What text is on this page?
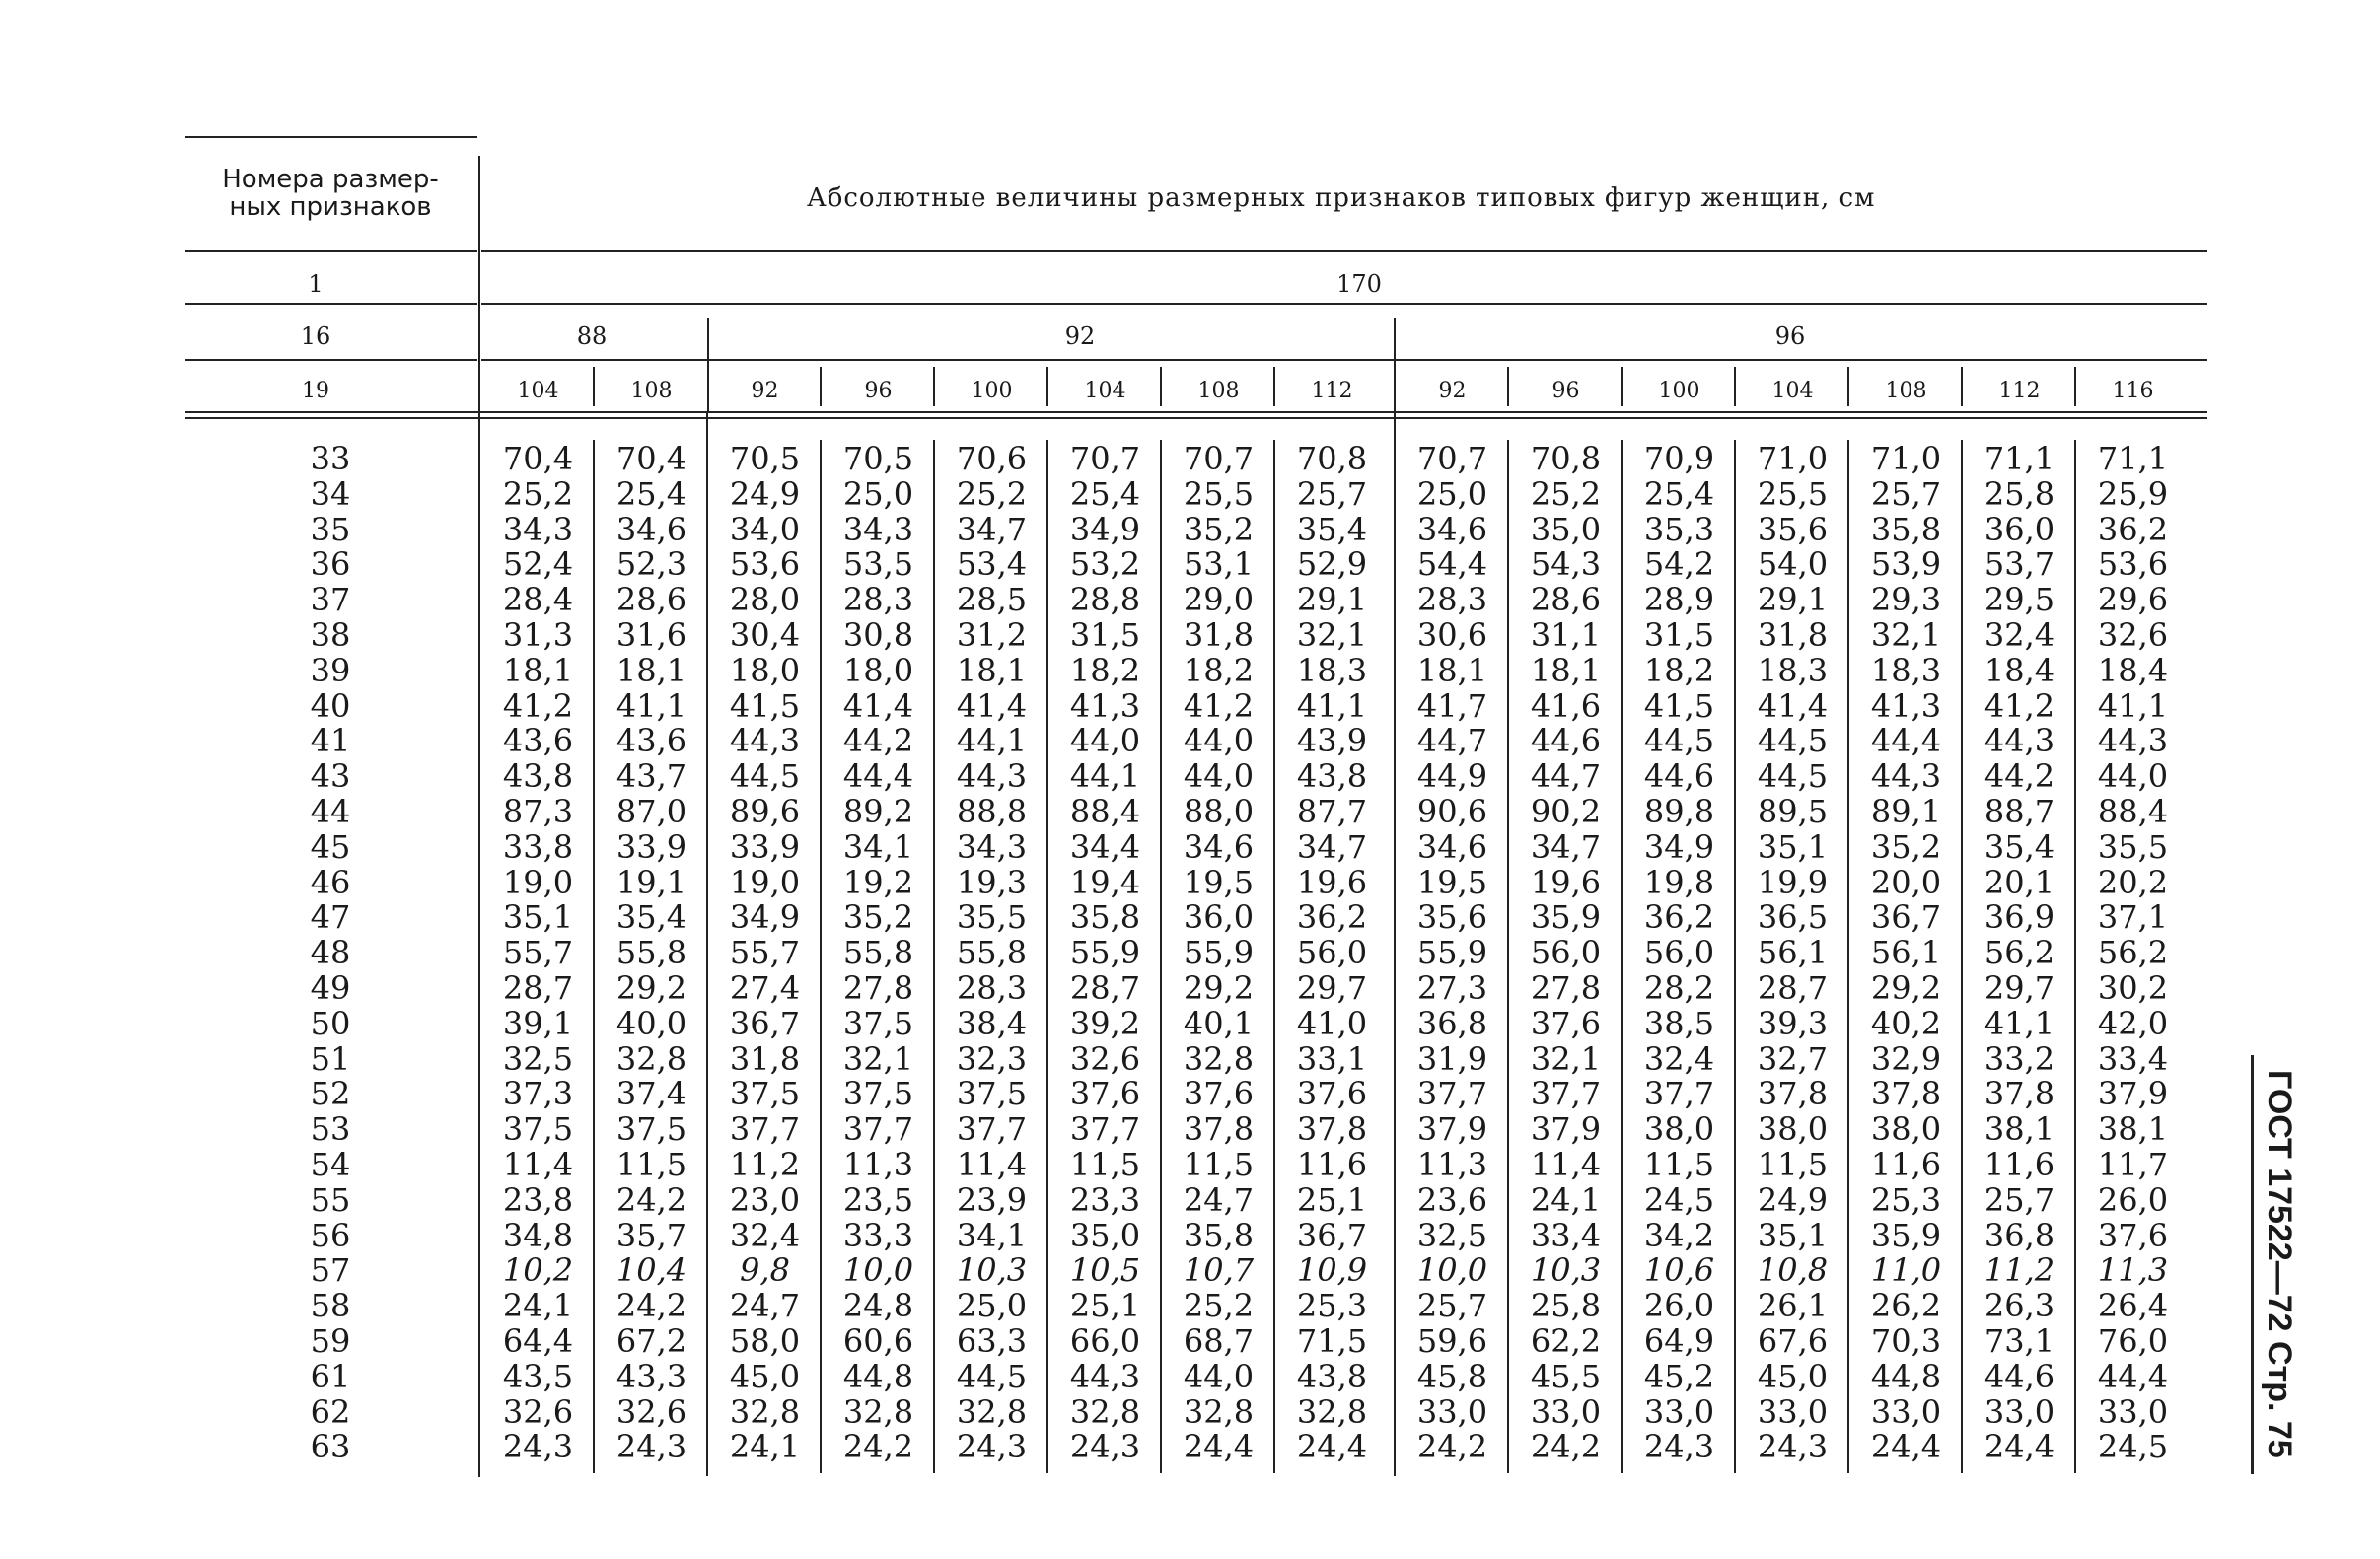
Номера размер-
ных признаков	Абсолютные величины размерных признаков типовых фигур женщин, см
1	170
16	88	92	96
19	104	108	92	96	100	104	108	112	92	96	100	104	108	112	116
33	70,4	70,4	70,5	70,5	70,6	70,7	70,7	70,8	70,7	70,8	70,9	71,0	71,0	71,1	71,1
34	25,2	25,4	24,9	25,0	25,2	25,4	25,5	25,7	25,0	25,2	25,4	25,5	25,7	25,8	25,9
35	34,3	34,6	34,0	34,3	34,7	34,9	35,2	35,4	34,6	35,0	35,3	35,6	35,8	36,0	36,2
36	52,4	52,3	53,6	53,5	53,4	53,2	53,1	52,9	54,4	54,3	54,2	54,0	53,9	53,7	53,6
37	28,4	28,6	28,0	28,3	28,5	28,8	29,0	29,1	28,3	28,6	28,9	29,1	29,3	29,5	29,6
38	31,3	31,6	30,4	30,8	31,2	31,5	31,8	32,1	30,6	31,1	31,5	31,8	32,1	32,4	32,6
39	18,1	18,1	18,0	18,0	18,1	18,2	18,2	18,3	18,1	18,1	18,2	18,3	18,3	18,4	18,4
40	41,2	41,1	41,5	41,4	41,4	41,3	41,2	41,1	41,7	41,6	41,5	41,4	41,3	41,2	41,1
41	43,6	43,6	44,3	44,2	44,1	44,0	44,0	43,9	44,7	44,6	44,5	44,5	44,4	44,3	44,3
43	43,8	43,7	44,5	44,4	44,3	44,1	44,0	43,8	44,9	44,7	44,6	44,5	44,3	44,2	44,0
44	87,3	87,0	89,6	89,2	88,8	88,4	88,0	87,7	90,6	90,2	89,8	89,5	89,1	88,7	88,4
45	33,8	33,9	33,9	34,1	34,3	34,4	34,6	34,7	34,6	34,7	34,9	35,1	35,2	35,4	35,5
46	19,0	19,1	19,0	19,2	19,3	19,4	19,5	19,6	19,5	19,6	19,8	19,9	20,0	20,1	20,2
47	35,1	35,4	34,9	35,2	35,5	35,8	36,0	36,2	35,6	35,9	36,2	36,5	36,7	36,9	37,1
48	55,7	55,8	55,7	55,8	55,8	55,9	55,9	56,0	55,9	56,0	56,0	56,1	56,1	56,2	56,2
49	28,7	29,2	27,4	27,8	28,3	28,7	29,2	29,7	27,3	27,8	28,2	28,7	29,2	29,7	30,2
50	39,1	40,0	36,7	37,5	38,4	39,2	40,1	41,0	36,8	37,6	38,5	39,3	40,2	41,1	42,0
51	32,5	32,8	31,8	32,1	32,3	32,6	32,8	33,1	31,9	32,1	32,4	32,7	32,9	33,2	33,4
52	37,3	37,4	37,5	37,5	37,5	37,6	37,6	37,6	37,7	37,7	37,7	37,8	37,8	37,8	37,9
53	37,5	37,5	37,7	37,7	37,7	37,7	37,8	37,8	37,9	37,9	38,0	38,0	38,0	38,1	38,1
54	11,4	11,5	11,2	11,3	11,4	11,5	11,5	11,6	11,3	11,4	11,5	11,5	11,6	11,6	11,7
55	23,8	24,2	23,0	23,5	23,9	23,3	24,7	25,1	23,6	24,1	24,5	24,9	25,3	25,7	26,0
56	34,8	35,7	32,4	33,3	34,1	35,0	35,8	36,7	32,5	33,4	34,2	35,1	35,9	36,8	37,6
57	10,2	10,4	9,8	10,0	10,3	10,5	10,7	10,9	10,0	10,3	10,6	10,8	11,0	11,2	11,3
58	24,1	24,2	24,7	24,8	25,0	25,1	25,2	25,3	25,7	25,8	26,0	26,1	26,2	26,3	26,4
59	64,4	67,2	58,0	60,6	63,3	66,0	68,7	71,5	59,6	62,2	64,9	67,6	70,3	73,1	76,0
61	43,5	43,3	45,0	44,8	44,5	44,3	44,0	43,8	45,8	45,5	45,2	45,0	44,8	44,6	44,4
62	32,6	32,6	32,8	32,8	32,8	32,8	32,8	32,8	33,0	33,0	33,0	33,0	33,0	33,0	33,0
63	24,3	24,3	24,1	24,2	24,3	24,3	24,4	24,4	24,2	24,2	24,3	24,3	24,4	24,4	24,5	ГОСТ 17522—72 Стр. 75
